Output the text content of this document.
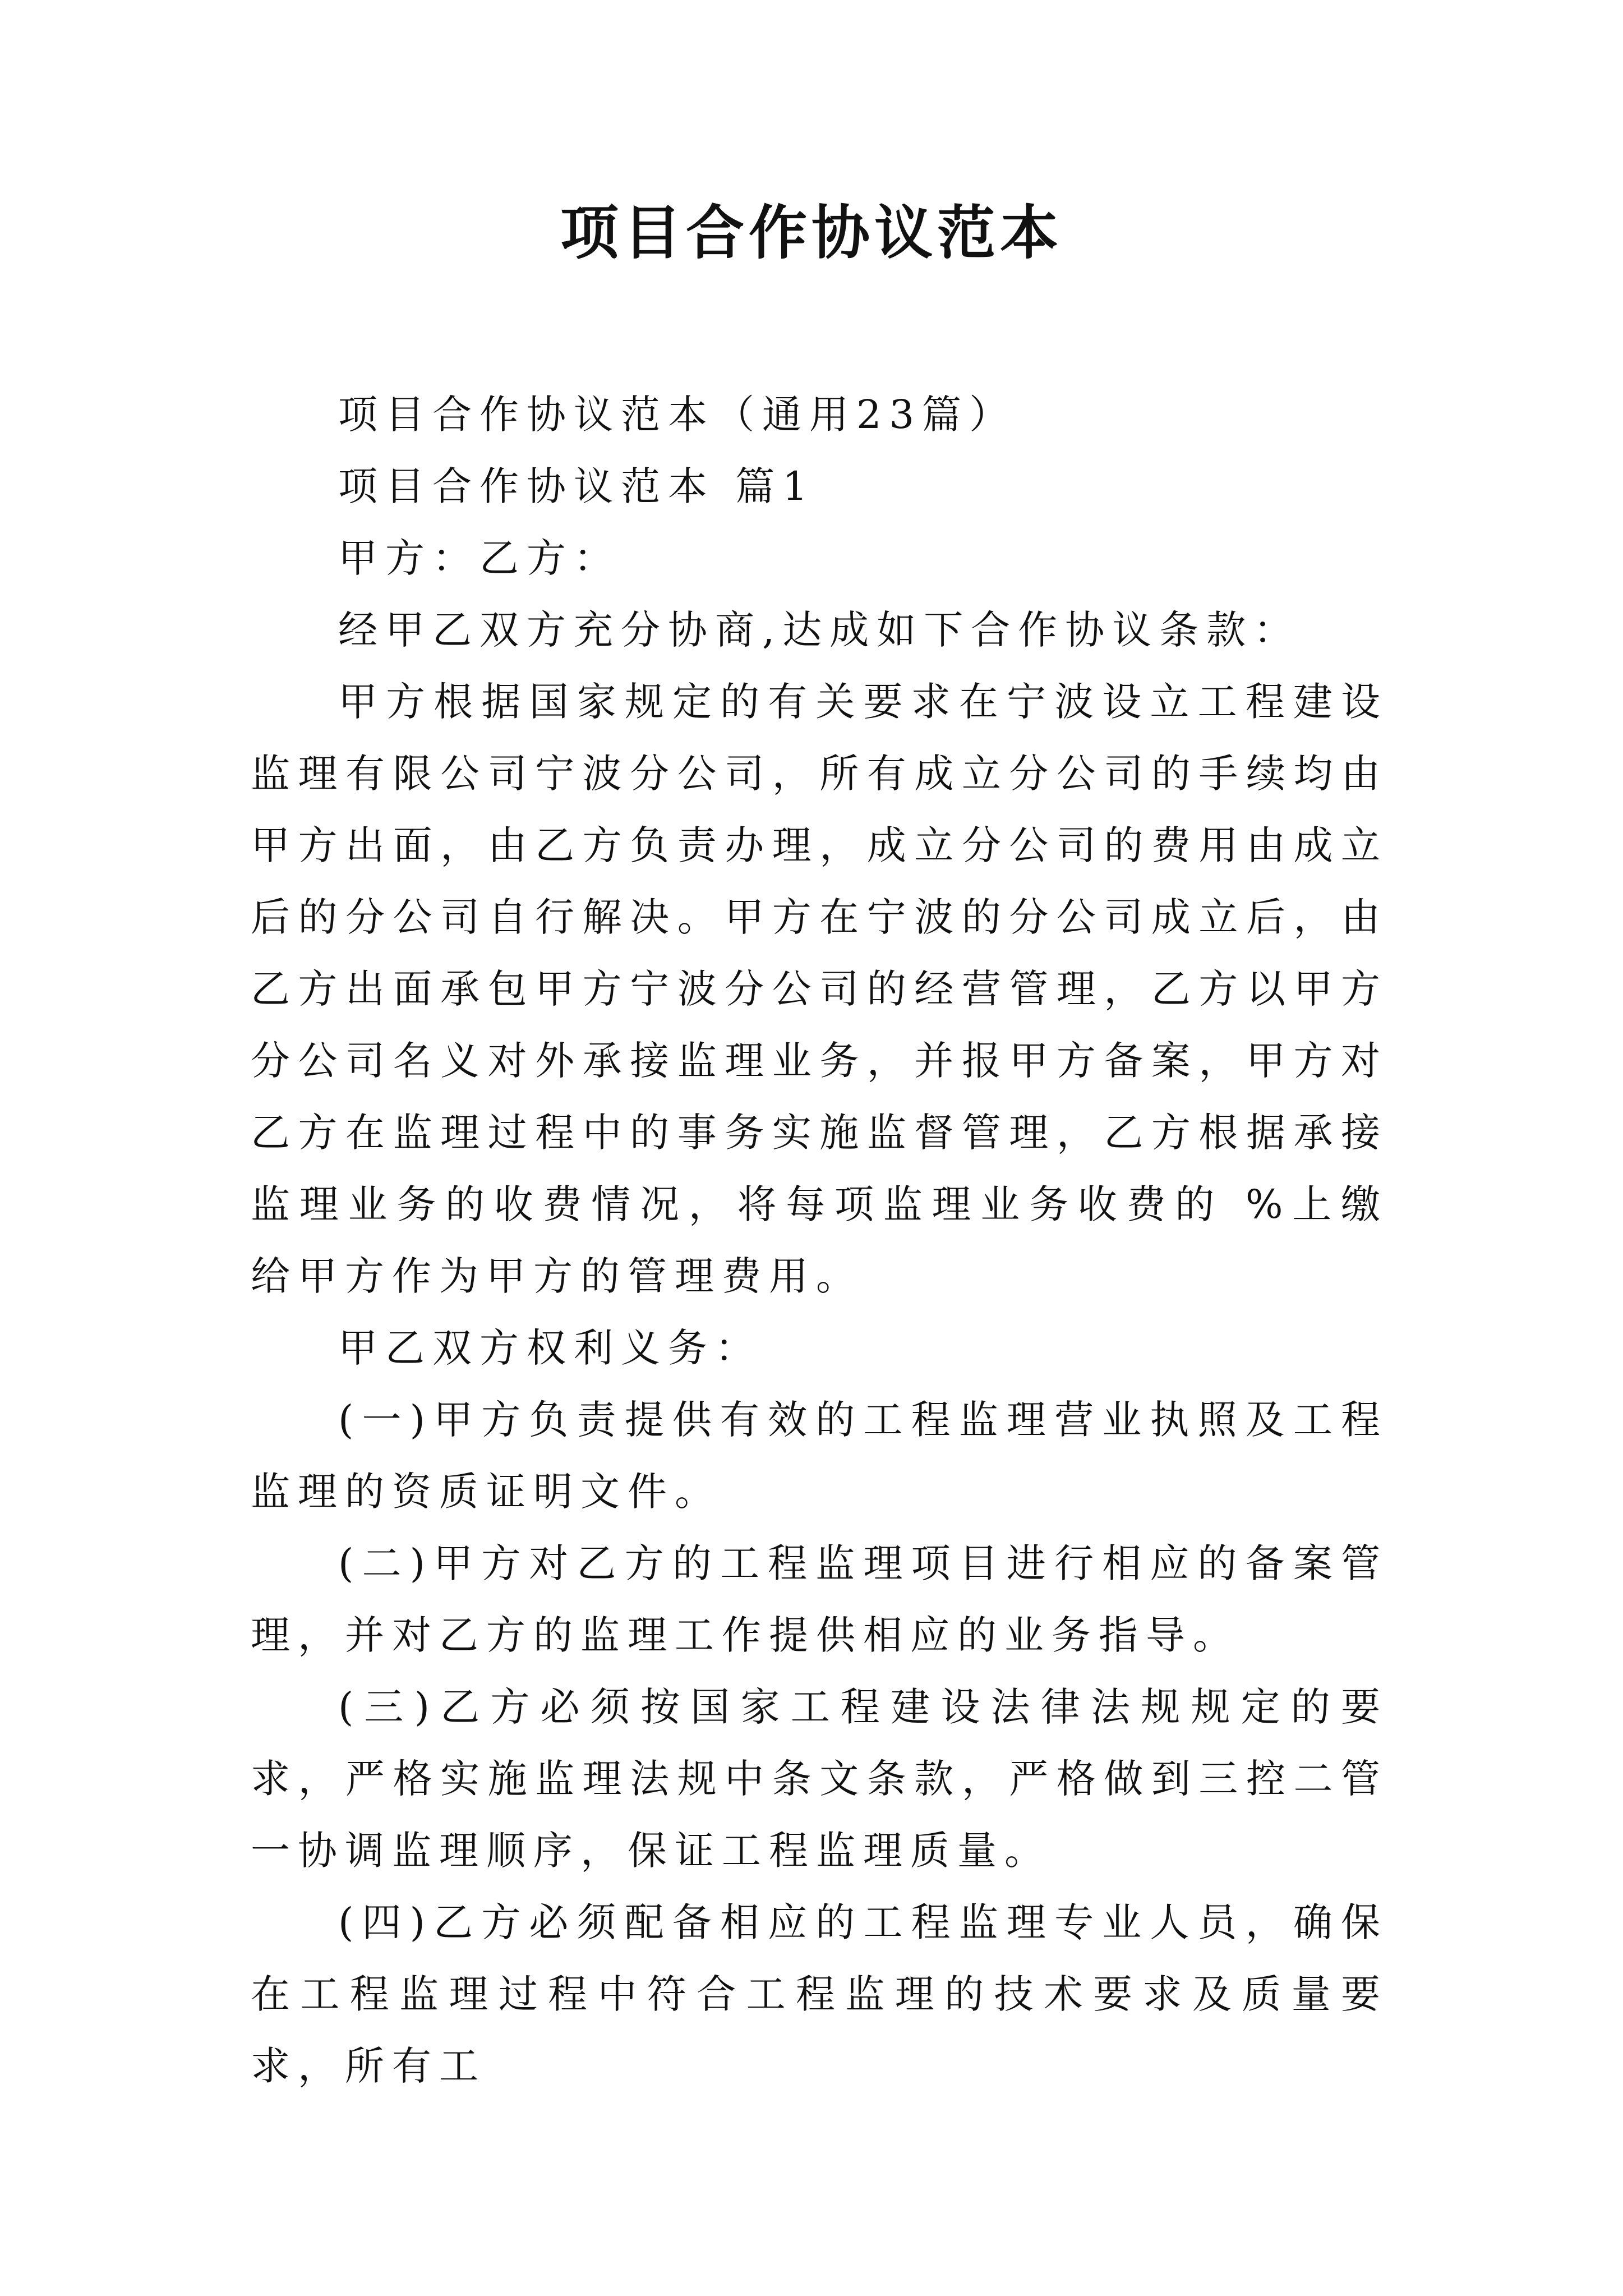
项目合作协议范本

项目合作协议范本（通用23篇）

项目合作协议范本 篇1

甲方：乙方：

经甲乙双方充分协商,达成如下合作协议条款：

甲方根据国家规定的有关要求在宁波设立工程建设监理有限公司宁波分公司，所有成立分公司的手续均由甲方出面，由乙方负责办理，成立分公司的费用由成立后的分公司自行解决。甲方在宁波的分公司成立后，由乙方出面承包甲方宁波分公司的经营管理，乙方以甲方分公司名义对外承接监理业务，并报甲方备案，甲方对乙方在监理过程中的事务实施监督管理，乙方根据承接监理业务的收费情况，将每项监理业务收费的 %上缴给甲方作为甲方的管理费用。

甲乙双方权利义务：

(一)甲方负责提供有效的工程监理营业执照及工程监理的资质证明文件。

(二)甲方对乙方的工程监理项目进行相应的备案管理，并对乙方的监理工作提供相应的业务指导。

(三)乙方必须按国家工程建设法律法规规定的要求，严格实施监理法规中条文条款，严格做到三控二管一协调监理顺序，保证工程监理质量。

(四)乙方必须配备相应的工程监理专业人员，确保在工程监理过程中符合工程监理的技术要求及质量要求，所有工
